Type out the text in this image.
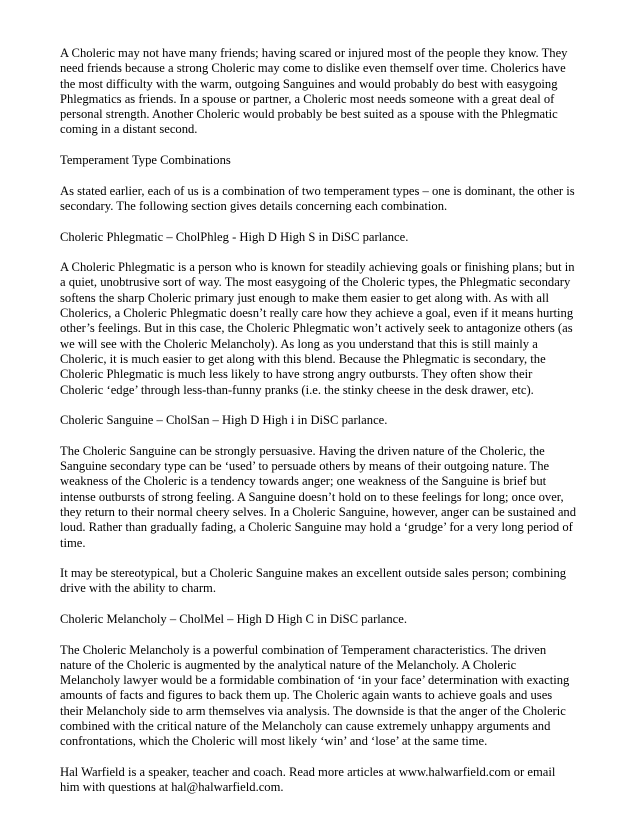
A Choleric may not have many friends; having scared or injured most of the people they know. They need friends because a strong Choleric may come to dislike even themself over time. Cholerics have the most difficulty with the warm, outgoing Sanguines and would probably do best with easygoing Phlegmatics as friends. In a spouse or partner, a Choleric most needs someone with a great deal of personal strength. Another Choleric would probably be best suited as a spouse with the Phlegmatic coming in a distant second.

Temperament Type Combinations

As stated earlier, each of us is a combination of two temperament types – one is dominant, the other is secondary. The following section gives details concerning each combination.

Choleric Phlegmatic – CholPhleg - High D High S in DiSC parlance.

A Choleric Phlegmatic is a person who is known for steadily achieving goals or finishing plans; but in a quiet, unobtrusive sort of way. The most easygoing of the Choleric types, the Phlegmatic secondary softens the sharp Choleric primary just enough to make them easier to get along with. As with all Cholerics, a Choleric Phlegmatic doesn’t really care how they achieve a goal, even if it means hurting other’s feelings. But in this case, the Choleric Phlegmatic won’t actively seek to antagonize others (as we will see with the Choleric Melancholy). As long as you understand that this is still mainly a Choleric, it is much easier to get along with this blend. Because the Phlegmatic is secondary, the Choleric Phlegmatic is much less likely to have strong angry outbursts. They often show their Choleric ‘edge’ through less-than-funny pranks (i.e. the stinky cheese in the desk drawer, etc).

Choleric Sanguine – CholSan – High D High i in DiSC parlance.

The Choleric Sanguine can be strongly persuasive. Having the driven nature of the Choleric, the Sanguine secondary type can be ‘used’ to persuade others by means of their outgoing nature. The weakness of the Choleric is a tendency towards anger; one weakness of the Sanguine is brief but intense outbursts of strong feeling. A Sanguine doesn’t hold on to these feelings for long; once over, they return to their normal cheery selves. In a Choleric Sanguine, however, anger can be sustained and loud. Rather than gradually fading, a Choleric Sanguine may hold a ‘grudge’ for a very long period of time.

It may be stereotypical, but a Choleric Sanguine makes an excellent outside sales person; combining drive with the ability to charm.

Choleric Melancholy – CholMel – High D High C in DiSC parlance.

The Choleric Melancholy is a powerful combination of Temperament characteristics. The driven nature of the Choleric is augmented by the analytical nature of the Melancholy. A Choleric Melancholy lawyer would be a formidable combination of ‘in your face’ determination with exacting amounts of facts and figures to back them up. The Choleric again wants to achieve goals and uses their Melancholy side to arm themselves via analysis. The downside is that the anger of the Choleric combined with the critical nature of the Melancholy can cause extremely unhappy arguments and confrontations, which the Choleric will most likely ‘win’ and ‘lose’ at the same time.

Hal Warfield is a speaker, teacher and coach. Read more articles at www.halwarfield.com or email him with questions at hal@halwarfield.com.
